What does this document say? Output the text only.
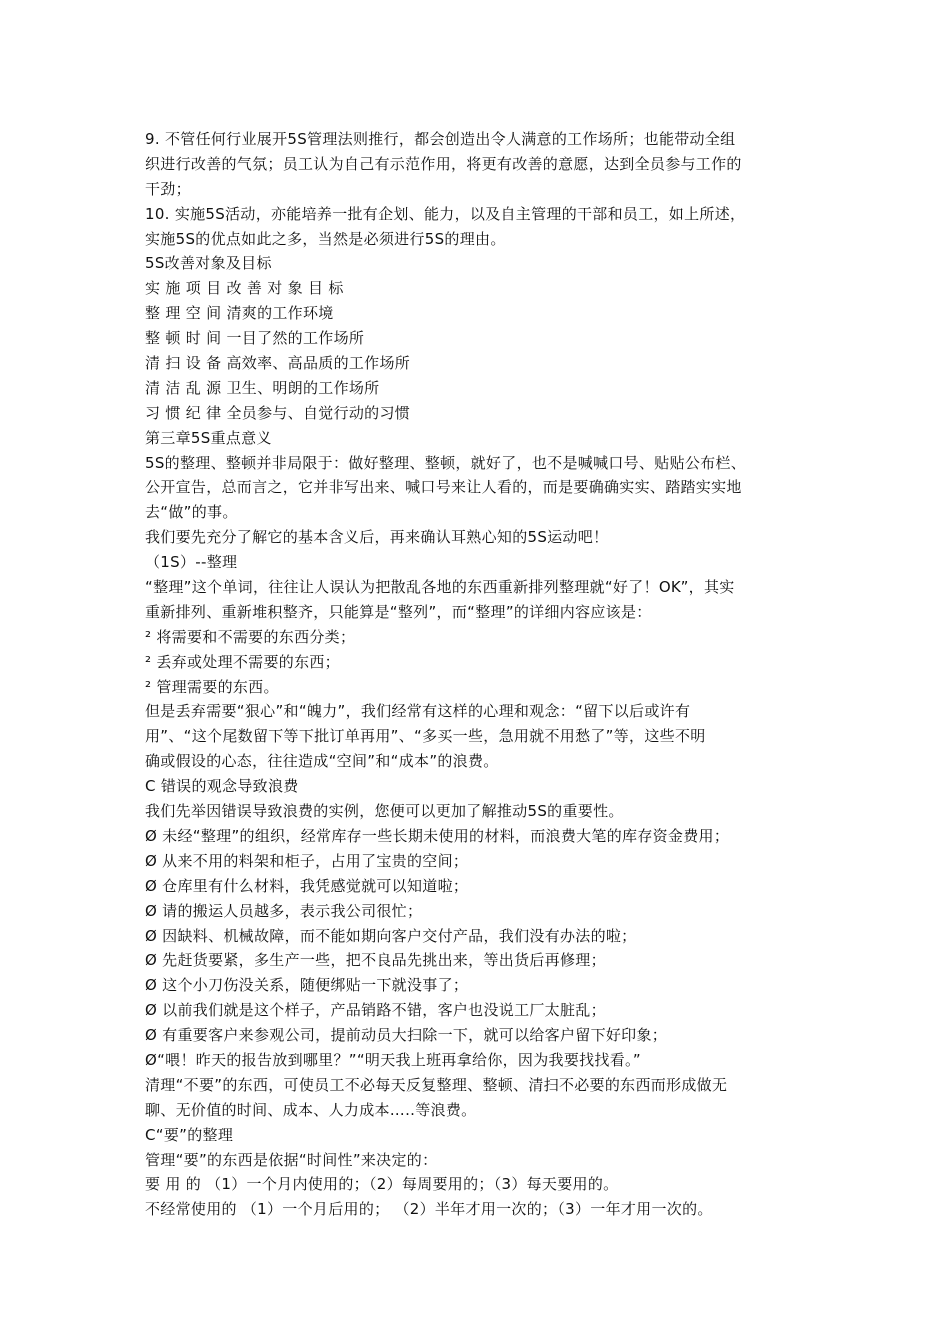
9. 不管任何行业展开5S管理法则推行，都会创造出令人满意的工作场所；也能带动全组
织进行改善的气氛；员工认为自己有示范作用，将更有改善的意愿，达到全员参与工作的
干劲；
10. 实施5S活动，亦能培养一批有企划、能力，以及自主管理的干部和员工，如上所述，
实施5S的优点如此之多，当然是必须进行5S的理由。
5S改善对象及目标
实 施 项 目 改 善 对 象 目 标
整 理 空 间 清爽的工作环境
整 顿 时 间 一目了然的工作场所
清 扫 设 备 高效率、高品质的工作场所
清 洁 乱 源 卫生、明朗的工作场所
习 惯 纪 律 全员参与、自觉行动的习惯
第三章5S重点意义
5S的整理、整顿并非局限于：做好整理、整顿，就好了，也不是喊喊口号、贴贴公布栏、
公开宣告，总而言之，它并非写出来、喊口号来让人看的，而是要确确实实、踏踏实实地
去“做”的事。
我们要先充分了解它的基本含义后，再来确认耳熟心知的5S运动吧！
（1S）--整理
“整理”这个单词，往往让人误认为把散乱各地的东西重新排列整理就“好了！OK”，其实
重新排列、重新堆积整齐，只能算是“整列”，而“整理”的详细内容应该是：
² 将需要和不需要的东西分类；
² 丢弃或处理不需要的东西；
² 管理需要的东西。
但是丢弃需要“狠心”和“魄力”，我们经常有这样的心理和观念：“留下以后或许有
用”、“这个尾数留下等下批订单再用”、“多买一些，急用就不用愁了”等，这些不明
确或假设的心态，往往造成“空间”和“成本”的浪费。
C 错误的观念导致浪费
我们先举因错误导致浪费的实例，您便可以更加了解推动5S的重要性。
Ø 未经“整理”的组织，经常库存一些长期未使用的材料，而浪费大笔的库存资金费用；
Ø 从来不用的料架和柜子，占用了宝贵的空间；
Ø 仓库里有什么材料，我凭感觉就可以知道啦；
Ø 请的搬运人员越多，表示我公司很忙；
Ø 因缺料、机械故障，而不能如期向客户交付产品，我们没有办法的啦；
Ø 先赶货要紧，多生产一些，把不良品先挑出来，等出货后再修理；
Ø 这个小刀伤没关系，随便绑贴一下就没事了；
Ø 以前我们就是这个样子，产品销路不错，客户也没说工厂太脏乱；
Ø 有重要客户来参观公司，提前动员大扫除一下，就可以给客户留下好印象；
Ø“喂！昨天的报告放到哪里？”“明天我上班再拿给你，因为我要找找看。”
清理“不要”的东西，可使员工不必每天反复整理、整顿、清扫不必要的东西而形成做无
聊、无价值的时间、成本、人力成本…..等浪费。
C“要”的整理
管理“要”的东西是依据“时间性”来决定的：
要 用 的 （1）一个月内使用的；（2）每周要用的；（3）每天要用的。
不经常使用的 （1）一个月后用的； （2）半年才用一次的；（3）一年才用一次的。
